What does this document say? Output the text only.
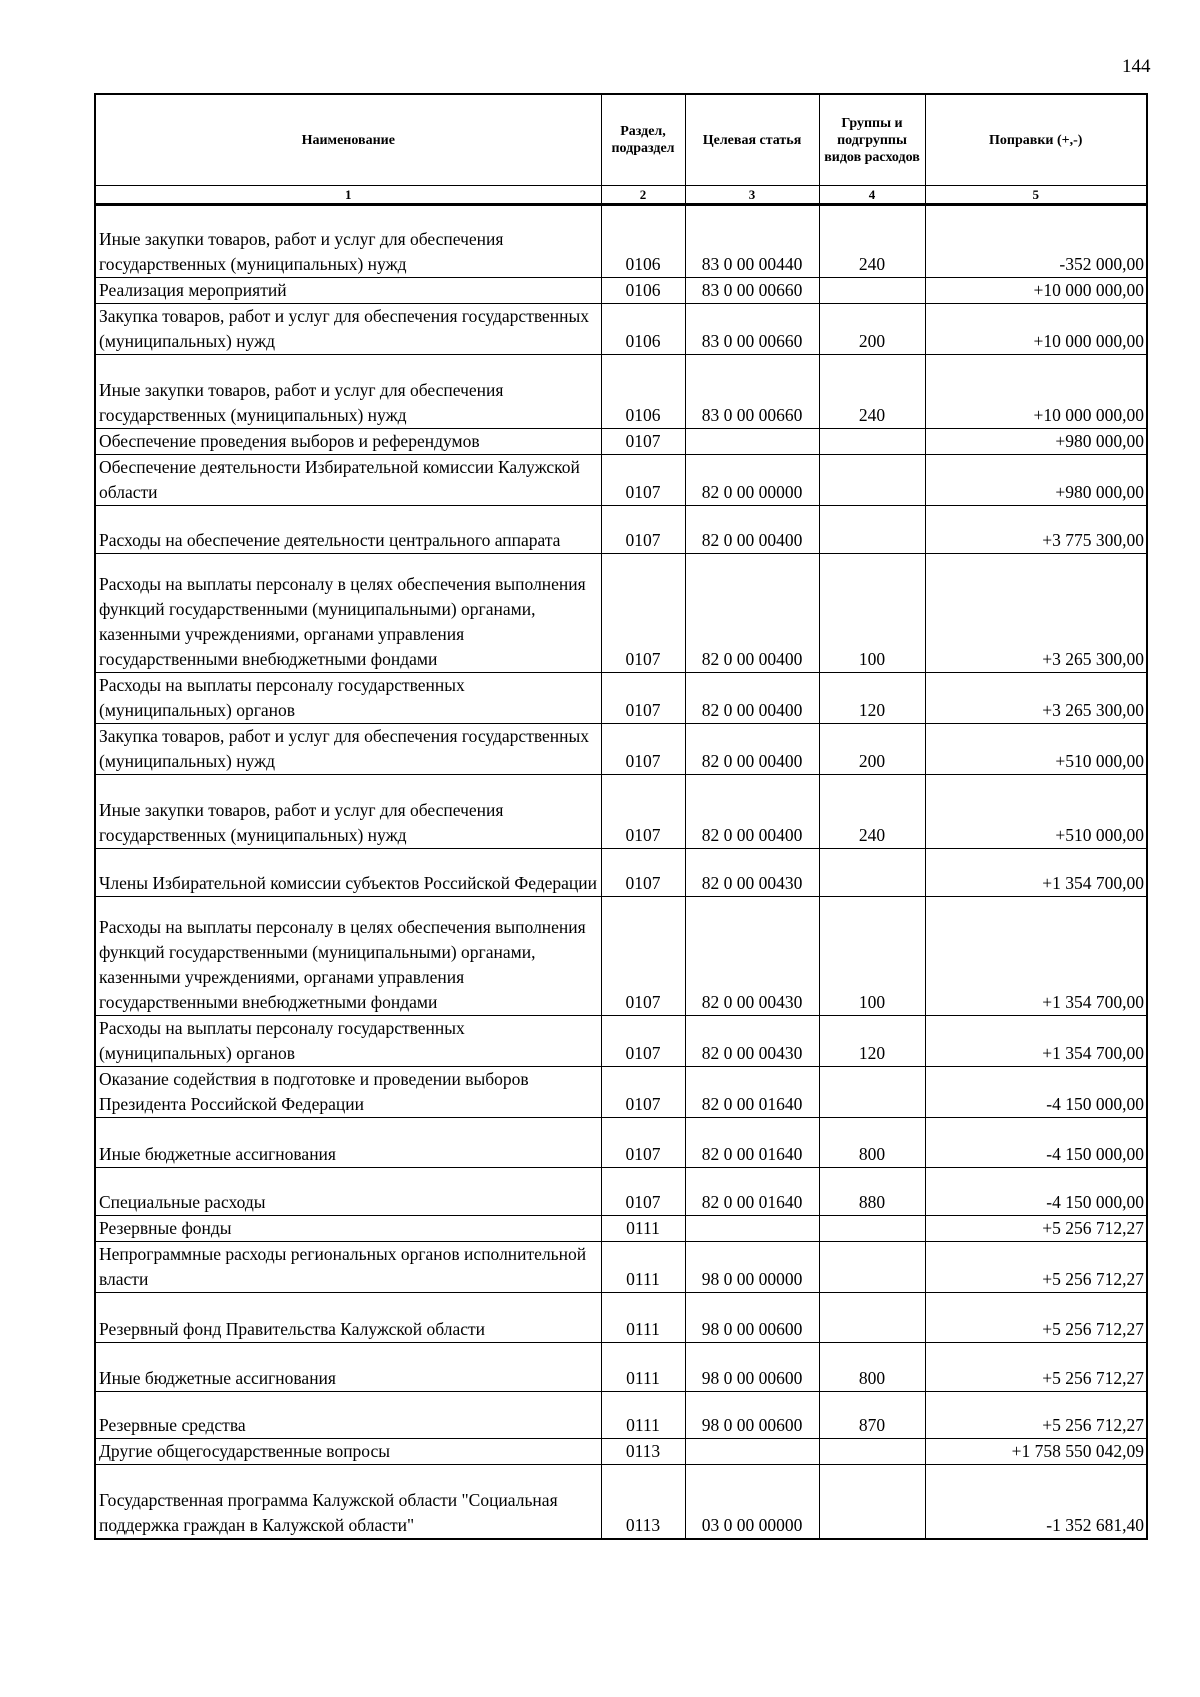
144
Наименование	Раздел, подраздел	Целевая статья	Группы и подгруппы видов расходов	Поправки (+,-)
1	2	3	4	5
Иные закупки товаров, работ и услуг для обеспечения государственных (муниципальных) нужд	0106	83 0 00 00440	240	-352 000,00
Реализация мероприятий	0106	83 0 00 00660		+10 000 000,00
Закупка товаров, работ и услуг для обеспечения государственных (муниципальных) нужд	0106	83 0 00 00660	200	+10 000 000,00
Иные закупки товаров, работ и услуг для обеспечения государственных (муниципальных) нужд	0106	83 0 00 00660	240	+10 000 000,00
Обеспечение проведения выборов и референдумов	0107			+980 000,00
Обеспечение деятельности Избирательной комиссии Калужской области	0107	82 0 00 00000		+980 000,00
Расходы на обеспечение деятельности центрального аппарата	0107	82 0 00 00400		+3 775 300,00
Расходы на выплаты персоналу в целях обеспечения выполнения функций государственными (муниципальными) органами, казенными учреждениями, органами управления государственными внебюджетными фондами	0107	82 0 00 00400	100	+3 265 300,00
Расходы на выплаты персоналу государственных (муниципальных) органов	0107	82 0 00 00400	120	+3 265 300,00
Закупка товаров, работ и услуг для обеспечения государственных (муниципальных) нужд	0107	82 0 00 00400	200	+510 000,00
Иные закупки товаров, работ и услуг для обеспечения государственных (муниципальных) нужд	0107	82 0 00 00400	240	+510 000,00
Члены Избирательной комиссии субъектов Российской Федерации	0107	82 0 00 00430		+1 354 700,00
Расходы на выплаты персоналу в целях обеспечения выполнения функций государственными (муниципальными) органами, казенными учреждениями, органами управления государственными внебюджетными фондами	0107	82 0 00 00430	100	+1 354 700,00
Расходы на выплаты персоналу государственных (муниципальных) органов	0107	82 0 00 00430	120	+1 354 700,00
Оказание содействия в подготовке и проведении выборов Президента Российской Федерации	0107	82 0 00 01640		-4 150 000,00
Иные бюджетные ассигнования	0107	82 0 00 01640	800	-4 150 000,00
Специальные расходы	0107	82 0 00 01640	880	-4 150 000,00
Резервные фонды	0111			+5 256 712,27
Непрограммные расходы региональных органов исполнительной власти	0111	98 0 00 00000		+5 256 712,27
Резервный фонд Правительства Калужской области	0111	98 0 00 00600		+5 256 712,27
Иные бюджетные ассигнования	0111	98 0 00 00600	800	+5 256 712,27
Резервные средства	0111	98 0 00 00600	870	+5 256 712,27
Другие общегосударственные вопросы	0113			+1 758 550 042,09
Государственная программа Калужской области "Социальная поддержка граждан в Калужской области"	0113	03 0 00 00000		-1 352 681,40
